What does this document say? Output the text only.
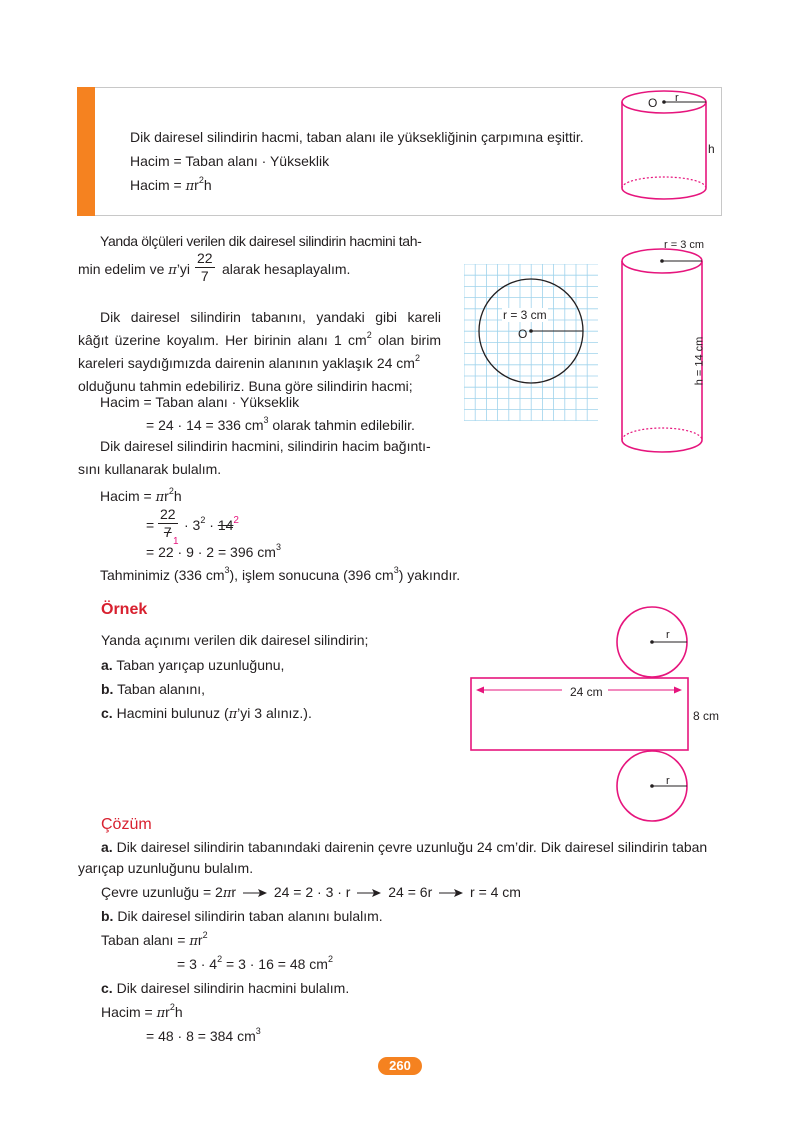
Dik dairesel silindirin hacmi, taban alanı ile yüksekliğinin çarpımına eşittir.
Hacim = Taban alanı · Yükseklik
Hacim = $\pi r^2h$
O r
h
Yanda ölçüleri verilen dik dairesel silindirin hacmini tah-
min edelim ve π’yi $\frac{22}{7}$ alarak hesaplayalım.
Dik dairesel silindirin tabanını, yandaki gibi kareli
kâğıt üzerine koyalım. Her birinin alanı 1 $cm^2$ olan birim
kareleri saydığımızda dairenin alanının yaklaşık 24 $cm^2$
olduğunu tahmin edebiliriz. Buna göre silindirin hacmi;
Hacim = Taban alanı · Yükseklik
= 24 · 14 = 336 $cm^3$ olarak tahmin edilebilir.
Dik dairesel silindirin hacmini, silindirin hacim bağıntı-
sını kullanarak bulalım.
Hacim = $\pi r^2h$
= $\frac{22}{7}$
1
· $3^2 \cdot 14^2$
= 22 · 9 · 2 = 396 $cm^3$
Tahminimiz (336 $cm^3$), işlem sonucuna (396 $cm^3$) yakındır.
r = 3 cm
O
r = 3 cm
h = 14 cm
Örnek
Yanda açınımı verilen dik dairesel silindirin;
a. Taban yarıçap uzunluğunu,
b. Taban alanını,
c. Hacmini bulunuz (π’yi 3 alınız.).
r
24 cm
8 cm
r
Çözüm
a. Dik dairesel silindirin tabanındaki dairenin çevre uzunluğu 24 cm’dir. Dik dairesel silindirin taban
yarıçap uzunluğunu bulalım.
Çevre uzunluğu = 2πr	24 = 2 · 3 · r	24 = 6r	r = 4 cm
b. Dik dairesel silindirin taban alanını bulalım.
Taban alanı = $\pi r^2$
= $3 \cdot 4^2 = 3 \cdot 16 = 48$ $cm^2$
c. Dik dairesel silindirin hacmini bulalım.
Hacim = $\pi r^2h$
= 48 · 8 = 384 $cm^3$
260
